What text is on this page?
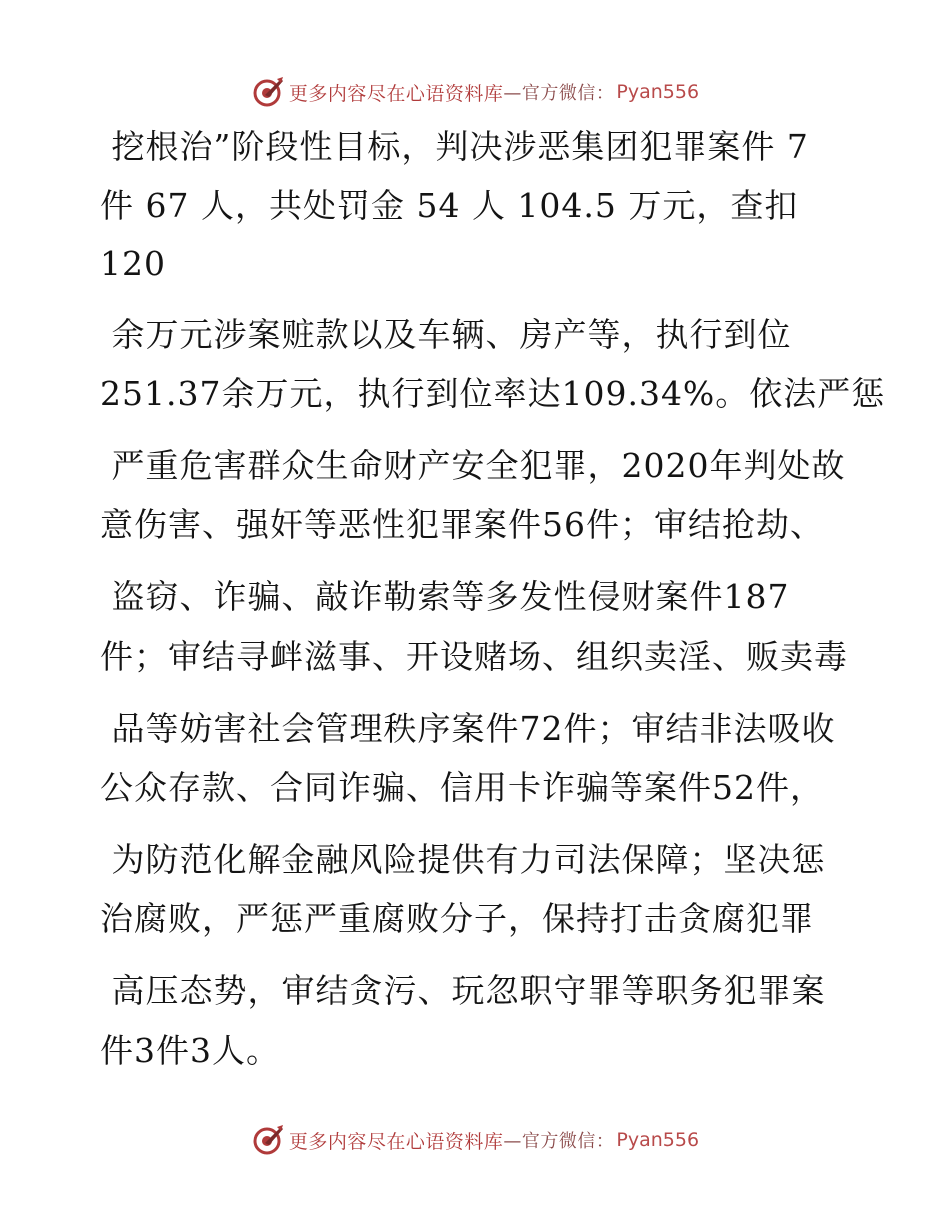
更多内容尽在心语资料库 —官方微信： Pyan556
挖根治”阶段性目标，判决涉恶集团犯罪案件 7
件 67 人，共处罚金 54 人 104.5 万元，查扣
120
余万元涉案赃款以及车辆、房产等，执行到位
251.37余万元，执行到位率达109.34%。依法严惩
严重危害群众生命财产安全犯罪，2020年判处故
意伤害、强奸等恶性犯罪案件56件；审结抢劫、
盗窃、诈骗、敲诈勒索等多发性侵财案件187
件；审结寻衅滋事、开设赌场、组织卖淫、贩卖毒
品等妨害社会管理秩序案件72件；审结非法吸收
公众存款、合同诈骗、信用卡诈骗等案件52件，
为防范化解金融风险提供有力司法保障；坚决惩
治腐败，严惩严重腐败分子，保持打击贪腐犯罪
高压态势，审结贪污、玩忽职守罪等职务犯罪案
件3件3人。
更多内容尽在心语资料库 —官方微信： Pyan556
